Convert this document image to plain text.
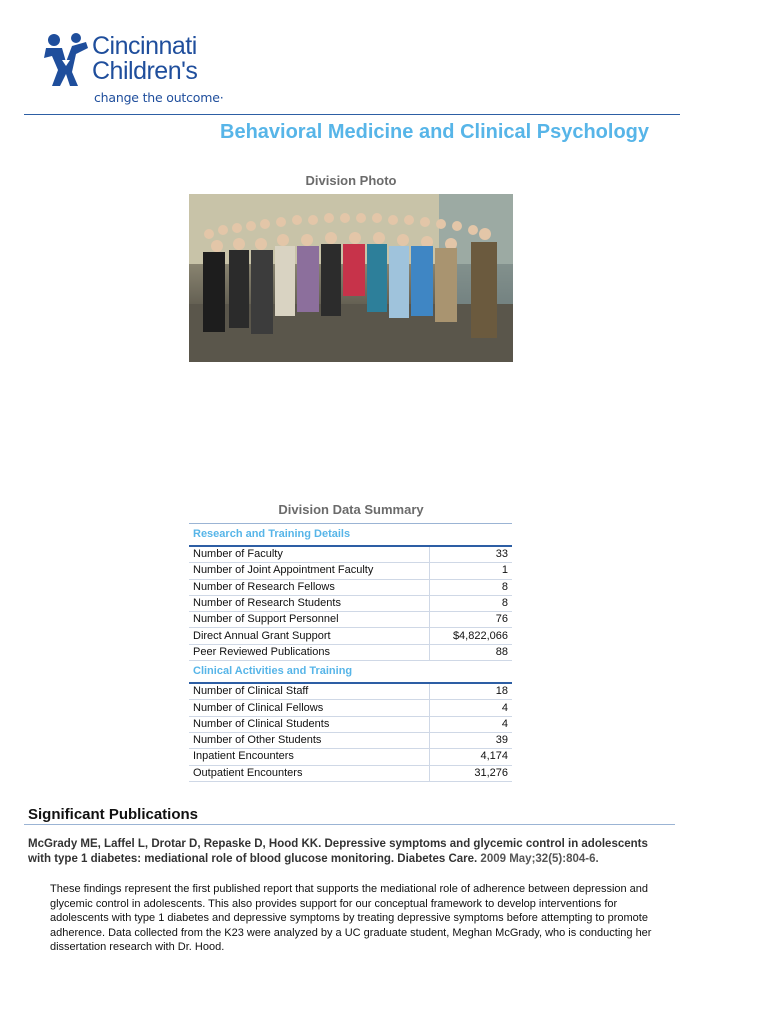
Cincinnati
Children's
change the outcome·
Behavioral Medicine and Clinical Psychology
Division Photo
Division Data Summary
Research and Training Details	
Number of Faculty	33
Number of Joint Appointment Faculty	1
Number of Research Fellows	8
Number of Research Students	8
Number of Support Personnel	76
Direct Annual Grant Support	$4,822,066
Peer Reviewed Publications	88
Clinical Activities and Training	
Number of Clinical Staff	18
Number of Clinical Fellows	4
Number of Clinical Students	4
Number of Other Students	39
Inpatient Encounters	4,174
Outpatient Encounters	31,276
Significant Publications
McGrady ME, Laffel L, Drotar D, Repaske D, Hood KK. Depressive symptoms and glycemic control in adolescents with type 1 diabetes: mediational role of blood glucose monitoring. Diabetes Care. 2009 May;32(5):804-6.
These findings represent the first published report that supports the mediational role of adherence between depression and glycemic control in adolescents. This also provides support for our conceptual framework to develop interventions for adolescents with type 1 diabetes and depressive symptoms by treating depressive symptoms before attempting to promote adherence. Data collected from the K23 were analyzed by a UC graduate student, Meghan McGrady, who is conducting her dissertation research with Dr. Hood.
